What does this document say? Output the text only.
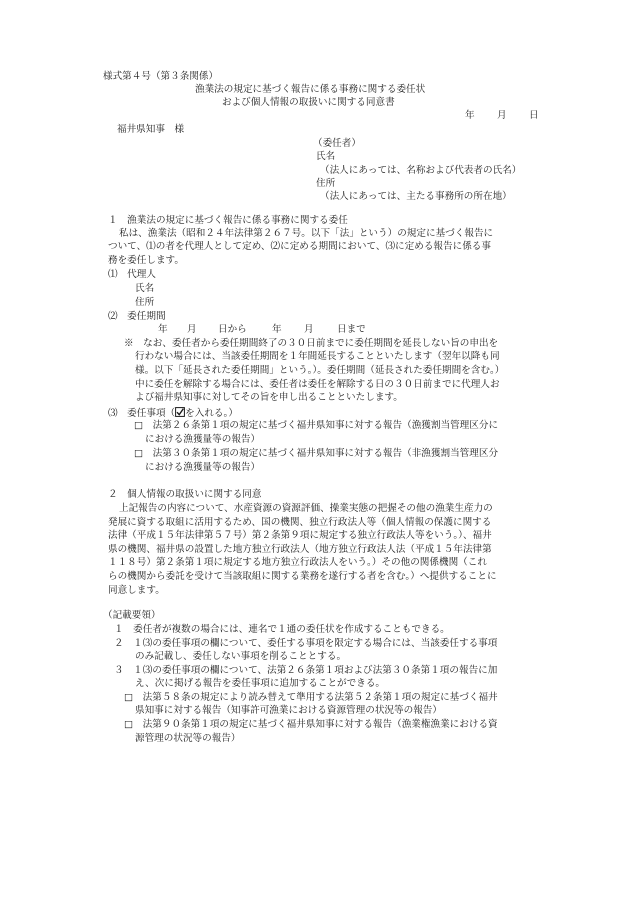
様式第４号（第３条関係）
漁業法の規定に基づく報告に係る事務に関する委任状
および個人情報の取扱いに関する同意書
年 月 日
福井県知事　様
（委任者）
氏名
（法人にあっては、名称および代表者の氏名）
住所
（法人にあっては、主たる事務所の所在地）
１　漁業法の規定に基づく報告に係る事務に関する委任
私は、漁業法（昭和２４年法律第２６７号。以下「法」という）の規定に基づく報告に
ついて、⑴の者を代理人として定め、⑵に定める期間において、⑶に定める報告に係る事
務を委任します。
⑴　代理人
氏名
住所
⑵　委任期間
年 月 日から	年 月 日まで
※　なお、委任者から委任期間終了の３０日前までに委任期間を延長しない旨の申出を
行わない場合には、当該委任期間を１年間延長することといたします（翌年以降も同
様。以下「延長された委任期間」という。）。委任期間（延長された委任期間を含む。）
中に委任を解除する場合には、委任者は委任を解除する日の３０日前までに代理人お
よび福井県知事に対してその旨を申し出ることといたします。
⑶　委任事項（ を入れる。）
□　法第２６条第１項の規定に基づく福井県知事に対する報告（漁獲割当管理区分に
における漁獲量等の報告）
□　法第３０条第１項の規定に基づく福井県知事に対する報告（非漁獲割当管理区分
における漁獲量等の報告）
２　個人情報の取扱いに関する同意
上記報告の内容について、水産資源の資源評価、操業実態の把握その他の漁業生産力の
発展に資する取組に活用するため、国の機関、独立行政法人等（個人情報の保護に関する
法律（平成１５年法律第５７号）第２条第９項に規定する独立行政法人等をいう。）、福井
県の機関、福井県の設置した地方独立行政法人（地方独立行政法人法（平成１５年法律第
１１８号）第２条第１項に規定する地方独立行政法人をいう。）その他の関係機関（これ
らの機関から委託を受けて当該取組に関する業務を遂行する者を含む。）へ提供することに
同意します。
（記載要領）
１　委任者が複数の場合には、連名で１通の委任状を作成することもできる。
２　１⑶の委任事項の欄について、委任する事項を限定する場合には、当該委任する事項
のみ記載し、委任しない事項を削ることとする。
３　１⑶の委任事項の欄について、法第２６条第１項および法第３０条第１項の報告に加
え、次に掲げる報告を委任事項に追加することができる。
□　法第５８条の規定により読み替えて準用する法第５２条第１項の規定に基づく福井
県知事に対する報告（知事許可漁業における資源管理の状況等の報告）
□　法第９０条第１項の規定に基づく福井県知事に対する報告（漁業権漁業における資
源管理の状況等の報告）
